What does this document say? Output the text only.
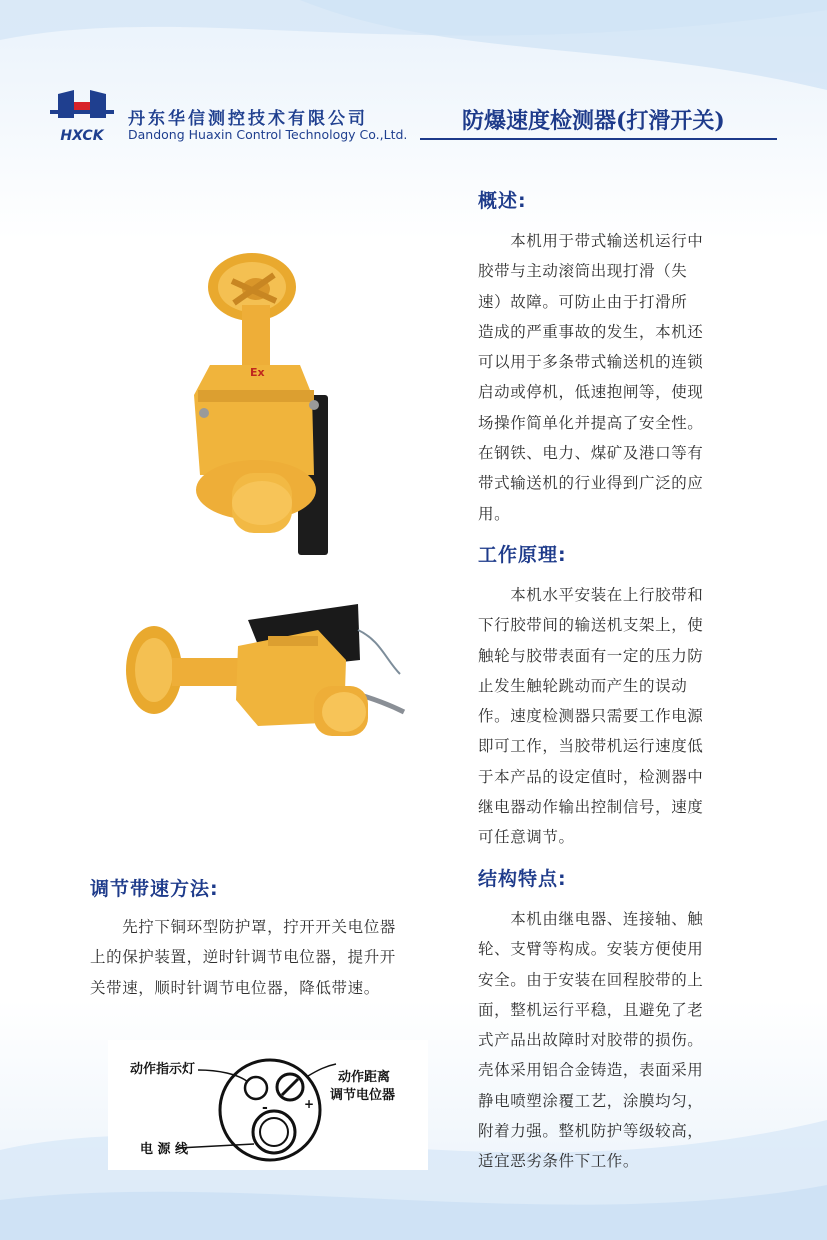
HXCK
丹东华信测控技术有限公司
Dandong Huaxin Control Technology Co.,Ltd.
防爆速度检测器(打滑开关)
概述:
　　本机用于带式输送机运行中
胶带与主动滚筒出现打滑（失
速）故障。可防止由于打滑所
造成的严重事故的发生，本机还
可以用于多条带式输送机的连锁
启动或停机，低速抱闸等，使现
场操作简单化并提高了安全性。
在钢铁、电力、煤矿及港口等有
带式输送机的行业得到广泛的应
用。
工作原理:
　　本机水平安装在上行胶带和
下行胶带间的输送机支架上，使
触轮与胶带表面有一定的压力防
止发生触轮跳动而产生的误动
作。速度检测器只需要工作电源
即可工作，当胶带机运行速度低
于本产品的设定值时，检测器中
继电器动作输出控制信号，速度
可任意调节。
结构特点:
　　本机由继电器、连接轴、触
轮、支臂等构成。安装方便使用
安全。由于安装在回程胶带的上
面，整机运行平稳，且避免了老
式产品出故障时对胶带的损伤。
壳体采用铝合金铸造，表面采用
静电喷塑涂覆工艺，涂膜均匀，
附着力强。整机防护等级较高，
适宜恶劣条件下工作。
Ex
调节带速方法:
　　先拧下铜环型防护罩，拧开开关电位器
上的保护装置，逆时针调节电位器，提升开
关带速，顺时针调节电位器，降低带速。
-	+
动作指示灯
动作距离
调节电位器
电 源 线
